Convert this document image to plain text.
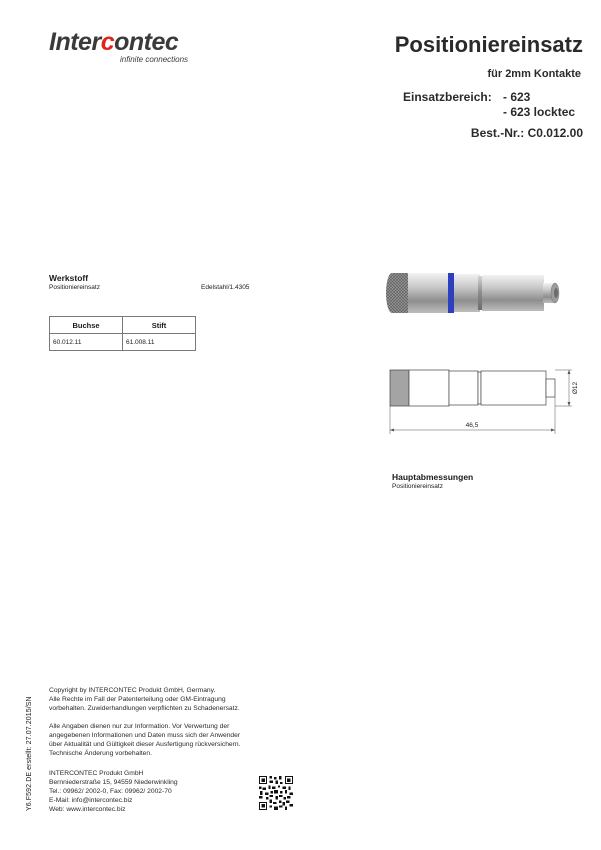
Intercontec
infinite connections
Positioniereinsatz
für 2mm Kontakte
Einsatzbereich: - 623
- 623 locktec
Best.-Nr.: C0.012.00
Werkstoff
Positioniereinsatz	Edelstahl/1.4305
Buchse	Stift
60.012.11	61.008.11
Ø12
46,5
Hauptabmessungen
Positioniereinsatz
Y6.F592.DE erstellt: 27.07.2015/SN
Copyright by INTERCONTEC Produkt GmbH, Germany.
Alle Rechte im Fall der Patenterteilung oder GM-Eintragung
vorbehalten. Zuwiderhandlungen verpflichten zu Schadenersatz.
Alle Angaben dienen nur zur Information. Vor Verwertung der
angegebenen Informationen und Daten muss sich der Anwender
über Aktualität und Gültigkeit dieser Ausfertigung rückversichern.
Technische Änderung vorbehalten.
INTERCONTEC Produkt GmbH
Bernniederstraße 15, 94559 Niederwinkling
Tel.: 09962/ 2002-0, Fax: 09962/ 2002-70
E-Mail: info@intercontec.biz
Web: www.intercontec.biz
